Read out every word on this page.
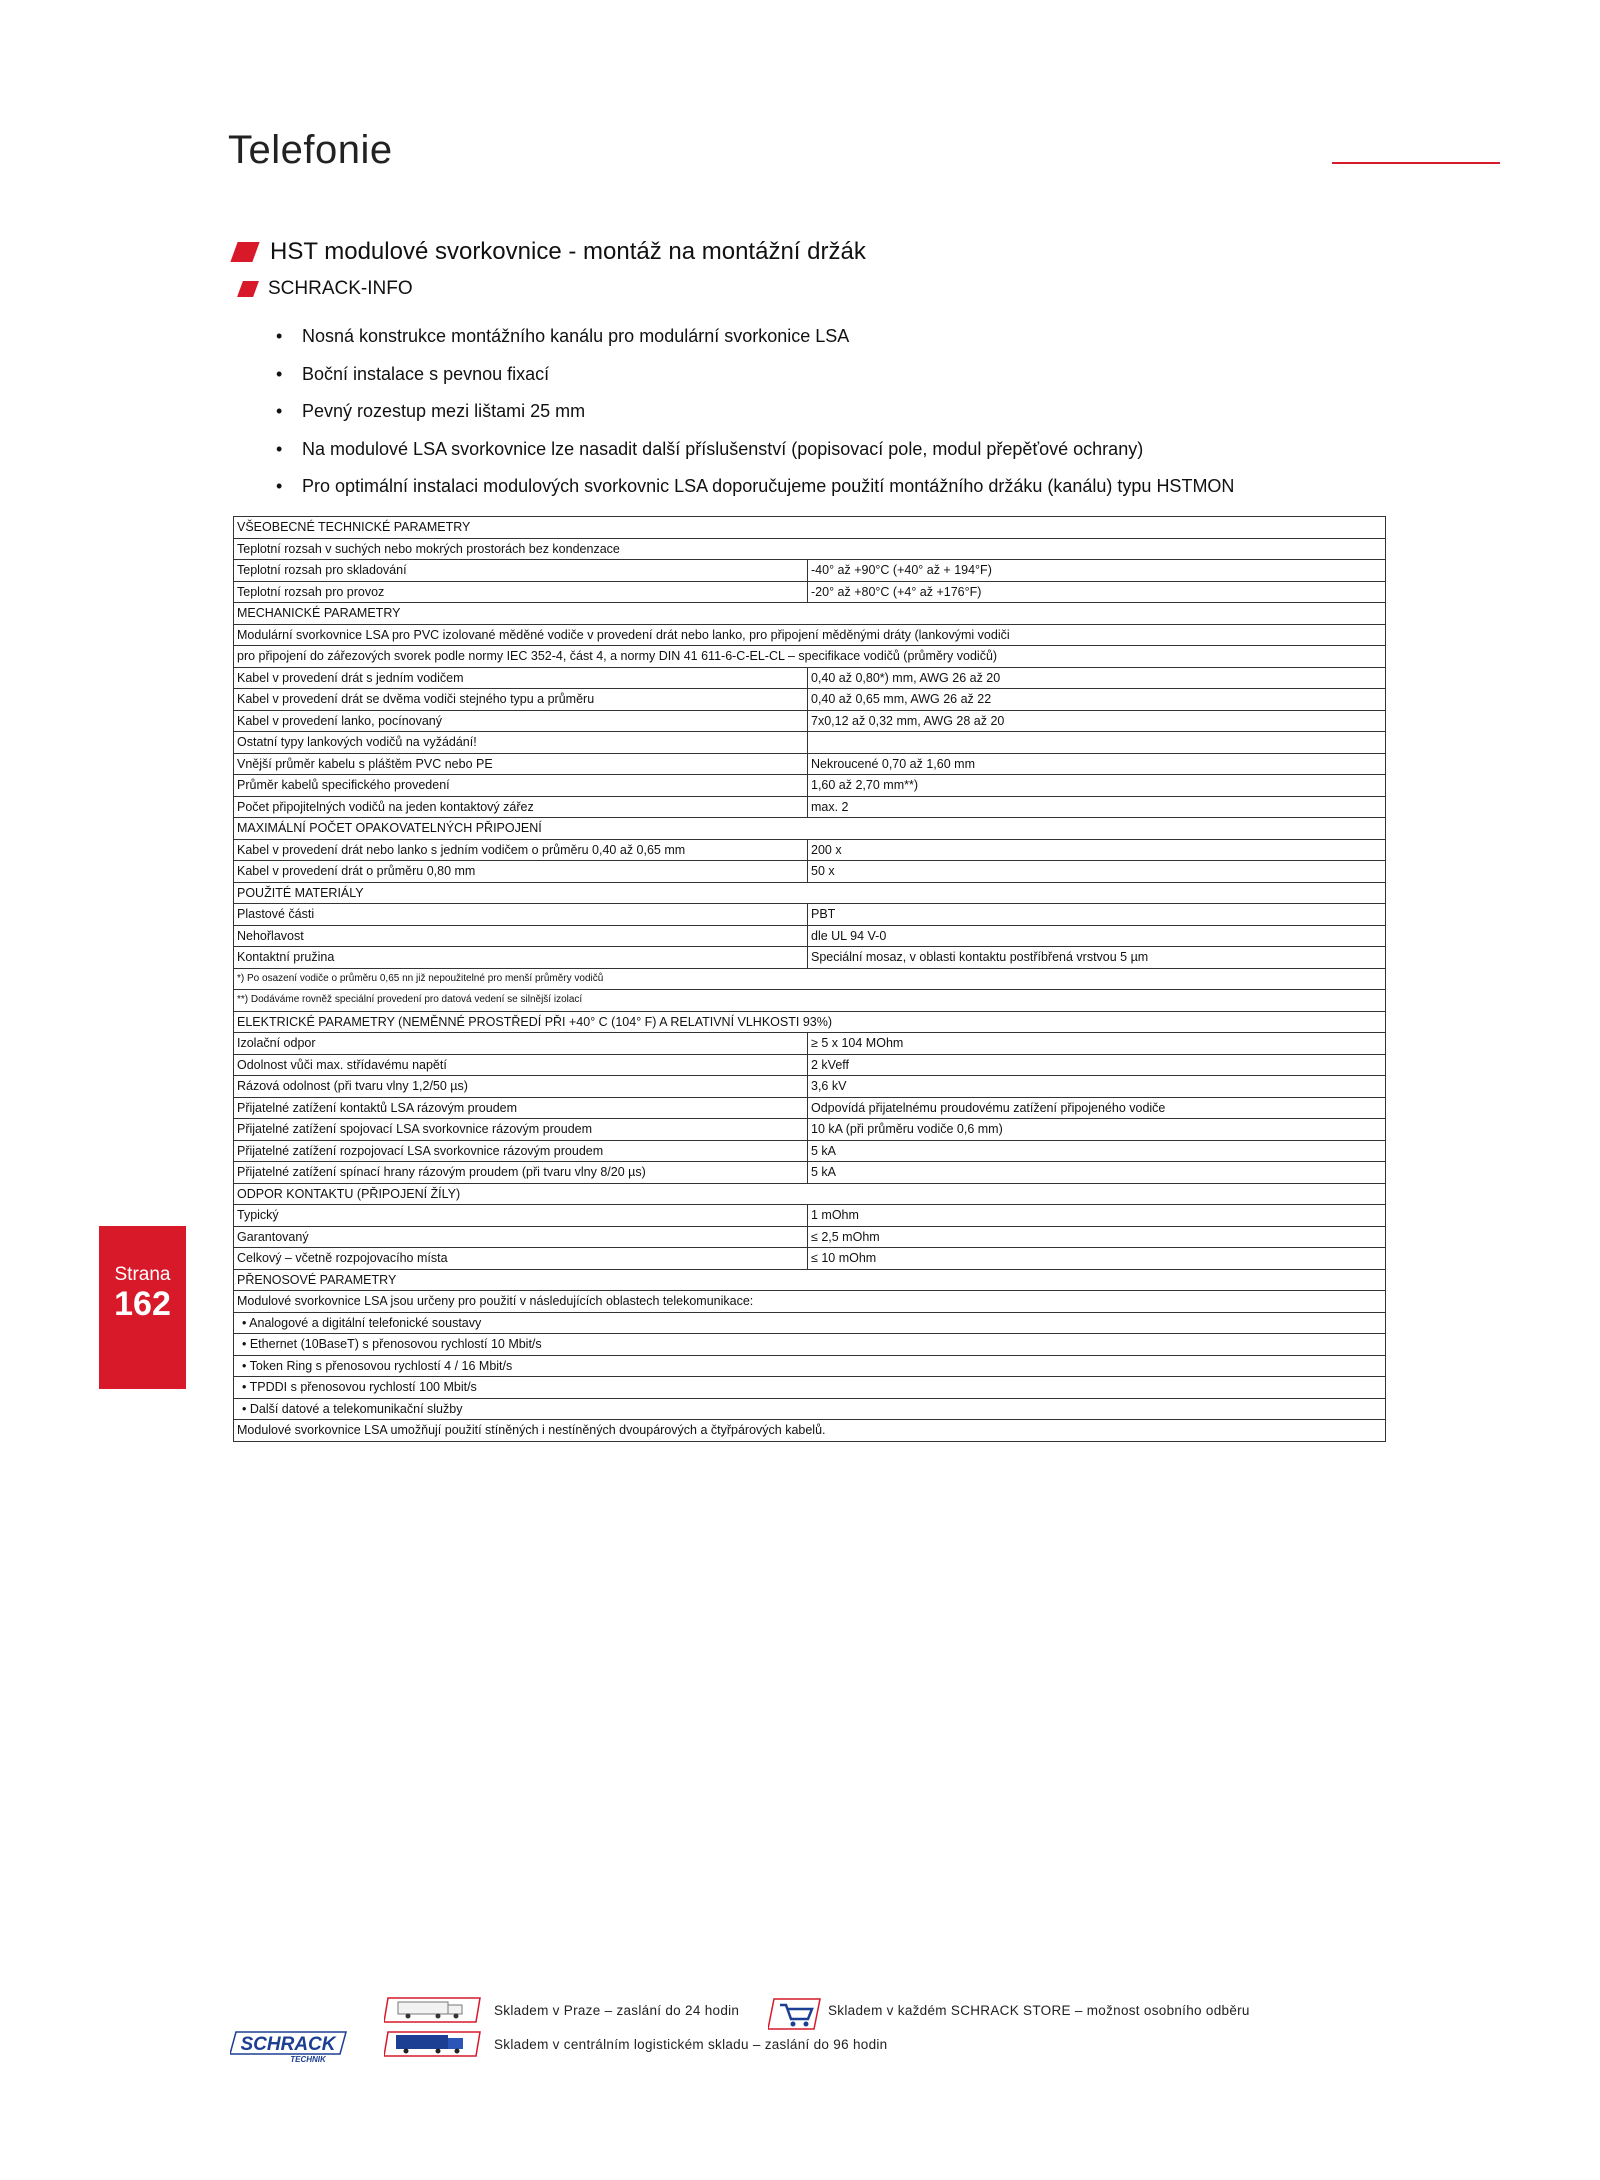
Telefonie
HST modulové svorkovnice - montáž na montážní držák
SCHRACK-INFO
• Nosná konstrukce montážního kanálu pro modulární svorkonice LSA
• Boční instalace s pevnou fixací
• Pevný rozestup mezi lištami 25 mm
• Na modulové LSA svorkovnice lze nasadit další příslušenství (popisovací pole, modul přepěťové ochrany)
• Pro optimální instalaci modulových svorkovnic LSA doporučujeme použití montážního držáku (kanálu) typu HSTMON
VŠEOBECNÉ TECHNICKÉ PARAMETRY	
Teplotní rozsah v suchých nebo mokrých prostorách bez kondenzace	
Teplotní rozsah pro skladování	-40° až +90°C (+40° až + 194°F)
Teplotní rozsah pro provoz	-20° až +80°C (+4° až +176°F)
MECHANICKÉ PARAMETRY	
Modulární svorkovnice LSA pro PVC izolované měděné vodiče v provedení drát nebo lanko, pro připojení měděnými dráty (lankovými vodiči	
pro připojení do zářezových svorek podle normy IEC 352-4, část 4, a normy DIN 41 611-6-C-EL-CL – specifikace vodičů (průměry vodičů)	
Kabel v provedení drát s jedním vodičem	0,40 až 0,80*) mm, AWG 26 až 20
Kabel v provedení drát se dvěma vodiči stejného typu a průměru	0,40 až 0,65 mm, AWG 26 až 22
Kabel v provedení lanko, pocínovaný	7x0,12 až 0,32 mm, AWG 28 až 20
Ostatní typy lankových vodičů na vyžádání!	
Vnější průměr kabelu s pláštěm PVC nebo PE	Nekroucené 0,70 až 1,60 mm
Průměr kabelů specifického provedení	1,60 až 2,70 mm**)
Počet připojitelných vodičů na jeden kontaktový zářez	max. 2
MAXIMÁLNÍ POČET OPAKOVATELNÝCH PŘIPOJENÍ	
Kabel v provedení drát nebo lanko s jedním vodičem o průměru 0,40 až 0,65 mm	200 x
Kabel v provedení drát o průměru 0,80 mm	50 x
POUŽITÉ MATERIÁLY	
Plastové části	PBT
Nehořlavost	dle UL 94 V-0
Kontaktní pružina	Speciální mosaz, v oblasti kontaktu postříbřená vrstvou 5 µm
*) Po osazení vodiče o průměru 0,65 nn již nepoužitelné pro menší průměry vodičů	
**) Dodáváme rovněž speciální provedení pro datová vedení se silnější izolací	
ELEKTRICKÉ PARAMETRY (NEMĚNNÉ PROSTŘEDÍ PŘI +40° C (104° F) A RELATIVNÍ VLHKOSTI 93%)	
Izolační odpor	≥ 5 x 104 MOhm
Odolnost vůči max. střídavému napětí	2 kVeff
Rázová odolnost (při tvaru vlny 1,2/50 µs)	3,6 kV
Přijatelné zatížení kontaktů LSA rázovým proudem	Odpovídá přijatelnému proudovému zatížení připojeného vodiče
Přijatelné zatížení spojovací LSA svorkovnice rázovým proudem	10 kA (při průměru vodiče 0,6 mm)
Přijatelné zatížení rozpojovací LSA svorkovnice rázovým proudem	5 kA
Přijatelné zatížení spínací hrany rázovým proudem (při tvaru vlny 8/20 µs)	5 kA
ODPOR KONTAKTU (PŘIPOJENÍ ŽÍLY)	
Typický	1 mOhm
Garantovaný	≤ 2,5 mOhm
Celkový – včetně rozpojovacího místa	≤ 10 mOhm
PŘENOSOVÉ PARAMETRY	
Modulové svorkovnice LSA jsou určeny pro použití v následujících oblastech telekomunikace:	
• Analogové a digitální telefonické soustavy	
• Ethernet (10BaseT) s přenosovou rychlostí 10 Mbit/s	
• Token Ring s přenosovou rychlostí 4 / 16 Mbit/s	
• TPDDI s přenosovou rychlostí 100 Mbit/s	
• Další datové a telekomunikační služby	
Modulové svorkovnice LSA umožňují použití stíněných i nestíněných dvoupárových a čtyřpárových kabelů.	
Strana
162
SCHRACK
TECHNIK
Skladem v Praze – zaslání do 24 hodin	Skladem v každém SCHRACK STORE – možnost osobního odběru
Skladem v centrálním logistickém skladu – zaslání do 96 hodin
